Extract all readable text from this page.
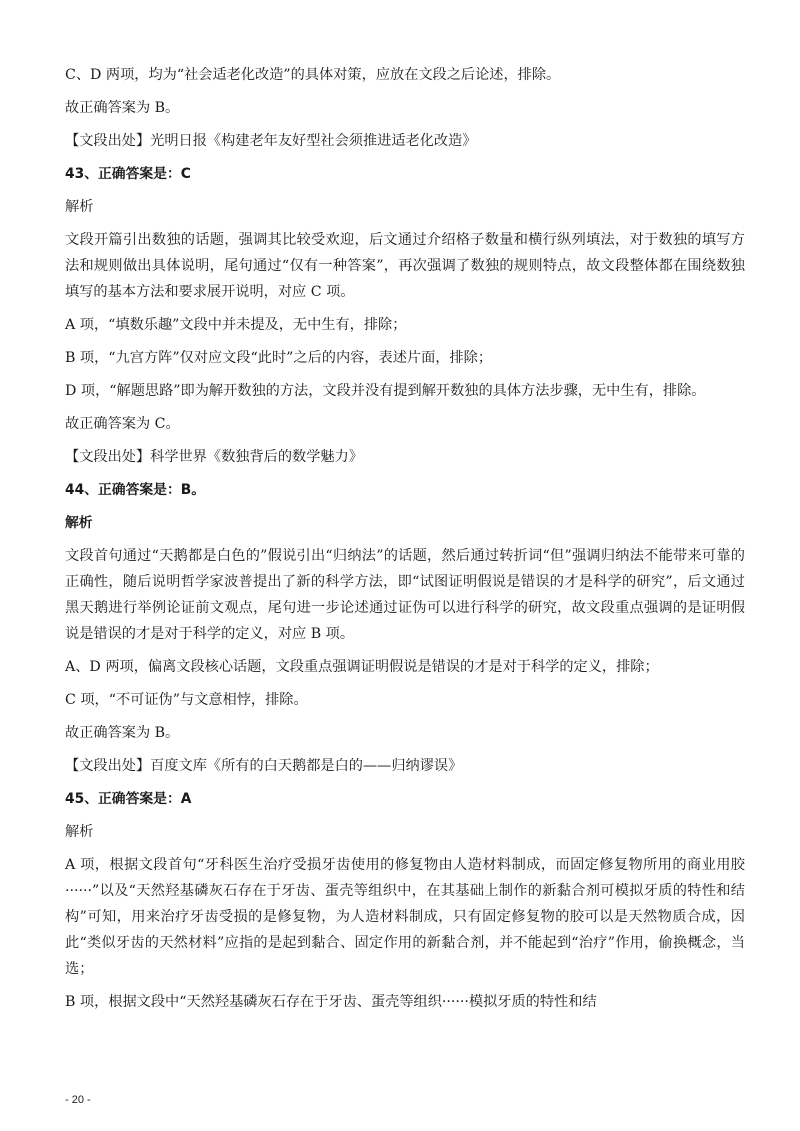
C、D 两项，均为“社会适老化改造”的具体对策，应放在文段之后论述，排除。

故正确答案为 B。

【文段出处】光明日报《构建老年友好型社会须推进适老化改造》

43、正确答案是：C

解析

文段开篇引出数独的话题，强调其比较受欢迎，后文通过介绍格子数量和横行纵列填法，对于数独的填写方法和规则做出具体说明，尾句通过“仅有一种答案”，再次强调了数独的规则特点，故文段整体都在围绕数独填写的基本方法和要求展开说明，对应 C 项。

A 项，“填数乐趣”文段中并未提及，无中生有，排除；

B 项，“九宫方阵”仅对应文段“此时”之后的内容，表述片面，排除；

D 项，“解题思路”即为解开数独的方法，文段并没有提到解开数独的具体方法步骤，无中生有，排除。

故正确答案为 C。

【文段出处】科学世界《数独背后的数学魅力》

44、正确答案是：B。

解析

文段首句通过“天鹅都是白色的”假说引出“归纳法”的话题，然后通过转折词“但”强调归纳法不能带来可靠的正确性，随后说明哲学家波普提出了新的科学方法，即“试图证明假说是错误的才是科学的研究”，后文通过黑天鹅进行举例论证前文观点，尾句进一步论述通过证伪可以进行科学的研究，故文段重点强调的是证明假说是错误的才是对于科学的定义，对应 B 项。

A、D 两项，偏离文段核心话题，文段重点强调证明假说是错误的才是对于科学的定义，排除；

C 项，“不可证伪”与文意相悖，排除。

故正确答案为 B。

【文段出处】百度文库《所有的白天鹅都是白的——归纳谬误》

45、正确答案是：A

解析

A 项，根据文段首句“牙科医生治疗受损牙齿使用的修复物由人造材料制成，而固定修复物所用的商业用胶······”以及“天然羟基磷灰石存在于牙齿、蛋壳等组织中，在其基础上制作的新黏合剂可模拟牙质的特性和结构”可知，用来治疗牙齿受损的是修复物，为人造材料制成，只有固定修复物的胶可以是天然物质合成，因此“类似牙齿的天然材料”应指的是起到黏合、固定作用的新黏合剂，并不能起到“治疗”作用，偷换概念，当选；

B 项，根据文段中“天然羟基磷灰石存在于牙齿、蛋壳等组织······模拟牙质的特性和结

- 20 -
